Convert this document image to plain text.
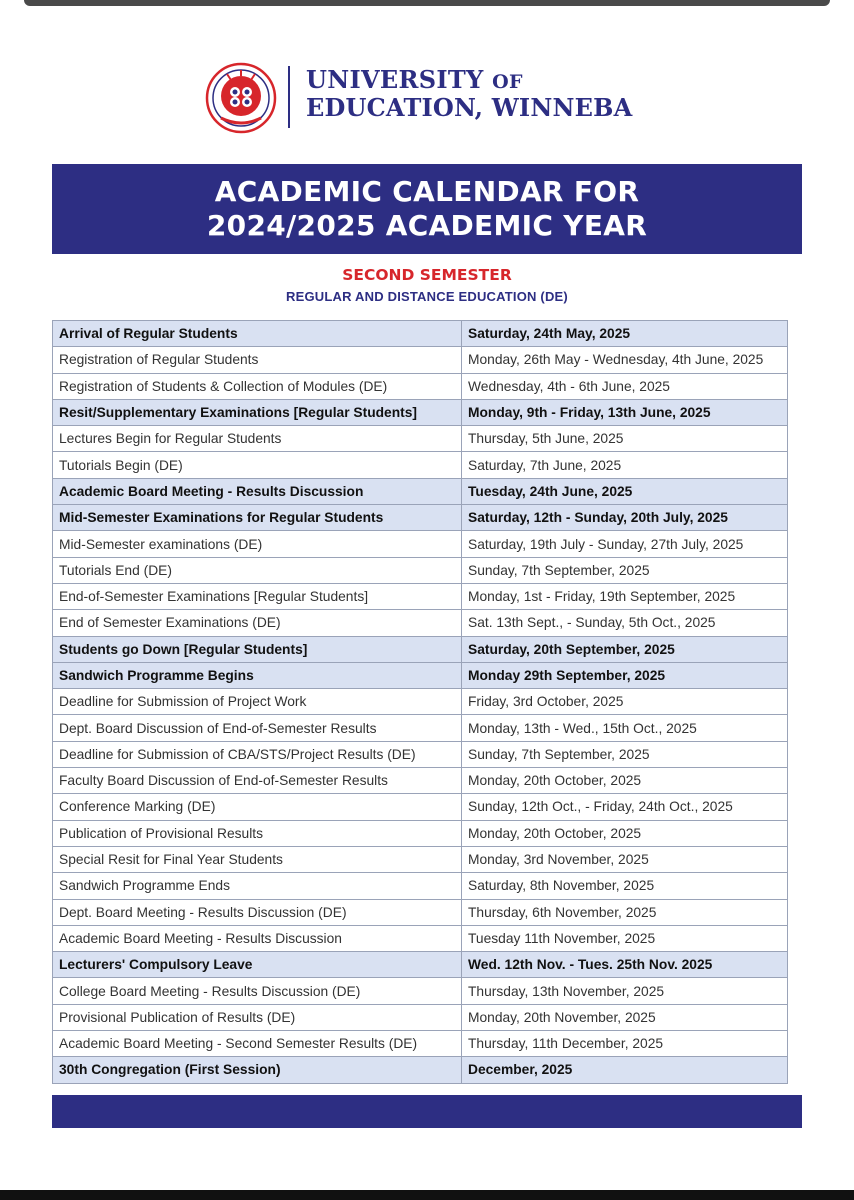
UNIVERSITY OF
EDUCATION, WINNEBA
ACADEMIC CALENDAR FOR
2024/2025 ACADEMIC YEAR
SECOND SEMESTER
REGULAR AND DISTANCE EDUCATION (DE)
Arrival of Regular Students	Saturday, 24th May, 2025
Registration of Regular Students	Monday, 26th May - Wednesday, 4th June, 2025
Registration of Students & Collection of Modules (DE)	Wednesday, 4th - 6th June, 2025
Resit/Supplementary Examinations [Regular Students]	Monday, 9th - Friday, 13th June, 2025
Lectures Begin for Regular Students	Thursday, 5th June, 2025
Tutorials Begin (DE)	Saturday, 7th June, 2025
Academic Board Meeting - Results Discussion	Tuesday, 24th June, 2025
Mid-Semester Examinations for Regular Students	Saturday, 12th - Sunday, 20th July, 2025
Mid-Semester examinations (DE)	Saturday, 19th July - Sunday, 27th July, 2025
Tutorials End (DE)	Sunday, 7th September, 2025
End-of-Semester Examinations [Regular Students]	Monday, 1st - Friday, 19th September, 2025
End of Semester Examinations (DE)	Sat. 13th Sept., - Sunday, 5th Oct., 2025
Students go Down [Regular Students]	Saturday, 20th September, 2025
Sandwich Programme Begins	Monday 29th September, 2025
Deadline for Submission of Project Work	Friday, 3rd October, 2025
Dept. Board Discussion of End-of-Semester Results	Monday, 13th - Wed., 15th Oct., 2025
Deadline for Submission of CBA/STS/Project Results (DE)	Sunday, 7th September, 2025
Faculty Board Discussion of End-of-Semester Results	Monday, 20th October, 2025
Conference Marking (DE)	Sunday, 12th Oct., - Friday, 24th Oct., 2025
Publication of Provisional Results	Monday, 20th October, 2025
Special Resit for Final Year Students	Monday, 3rd November, 2025
Sandwich Programme Ends	Saturday, 8th November, 2025
Dept. Board Meeting - Results Discussion (DE)	Thursday, 6th November, 2025
Academic Board Meeting - Results Discussion	Tuesday 11th November, 2025
Lecturers' Compulsory Leave	Wed. 12th Nov. - Tues. 25th Nov. 2025
College Board Meeting - Results Discussion (DE)	Thursday, 13th November, 2025
Provisional Publication of Results (DE)	Monday, 20th November, 2025
Academic Board Meeting - Second Semester Results (DE)	Thursday, 11th December, 2025
30th Congregation (First Session)	December, 2025
